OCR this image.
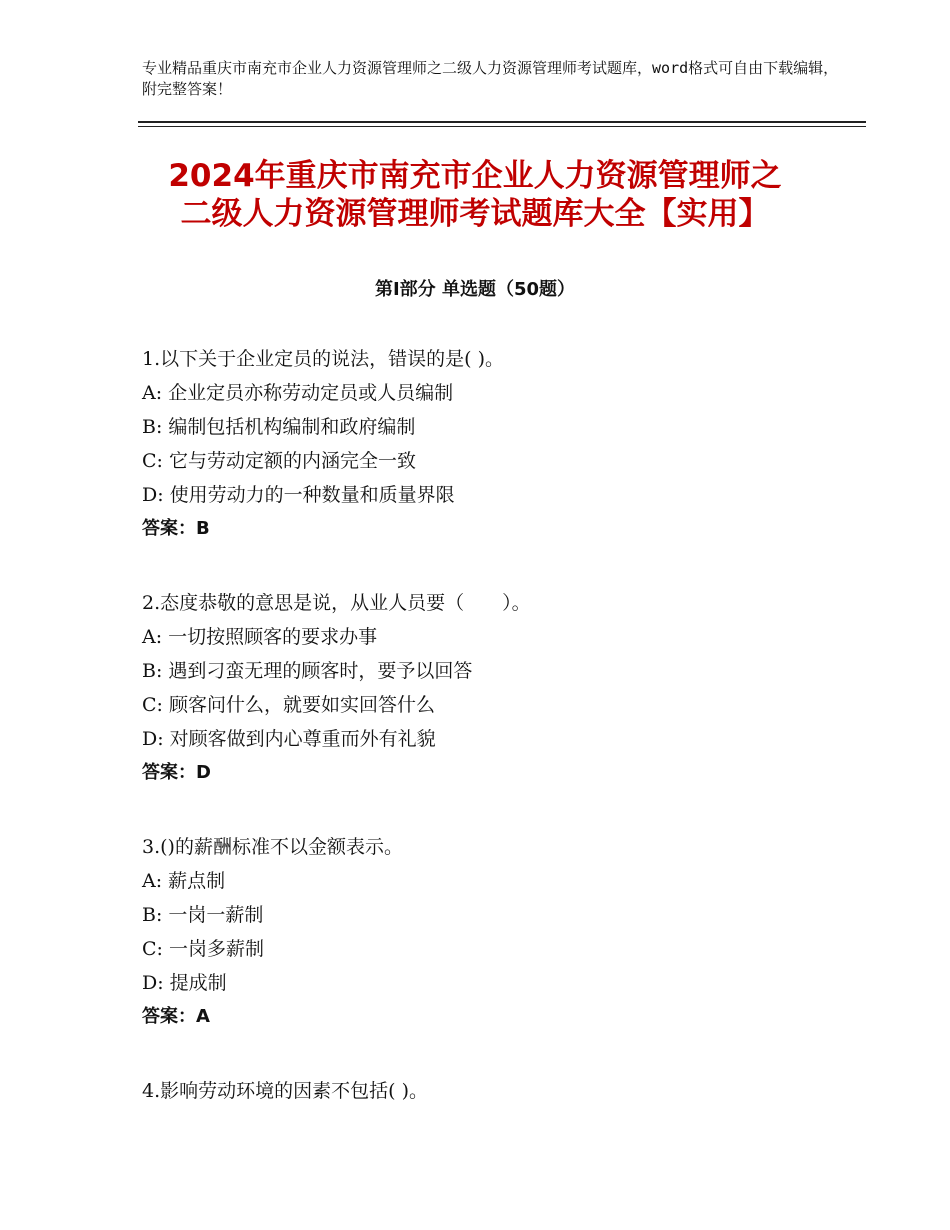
专业精品重庆市南充市企业人力资源管理师之二级人力资源管理师考试题库，word格式可自由下载编辑，附完整答案！
2024年重庆市南充市企业人力资源管理师之
二级人力资源管理师考试题库大全【实用】
第Ⅰ部分 单选题（50题）
1.以下关于企业定员的说法，错误的是( )。
A: 企业定员亦称劳动定员或人员编制
B: 编制包括机构编制和政府编制
C: 它与劳动定额的内涵完全一致
D: 使用劳动力的一种数量和质量界限
答案：B
2.态度恭敬的意思是说，从业人员要（　　）。
A: 一切按照顾客的要求办事
B: 遇到刁蛮无理的顾客时，要予以回答
C: 顾客问什么，就要如实回答什么
D: 对顾客做到内心尊重而外有礼貌
答案：D
3.()的薪酬标准不以金额表示。
A: 薪点制
B: 一岗一薪制
C: 一岗多薪制
D: 提成制
答案：A
4.影响劳动环境的因素不包括( )。
